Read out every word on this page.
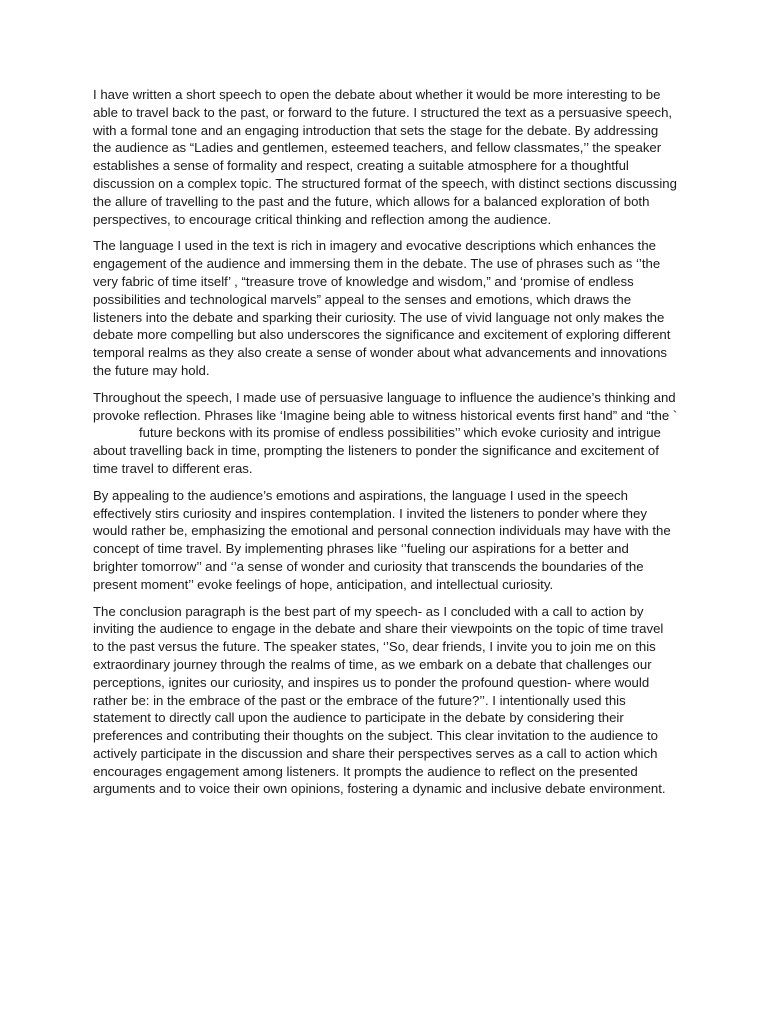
I have written a short speech to open the debate about whether it would be more interesting to be
able to travel back to the past, or forward to the future. I structured the text as a persuasive speech,
with a formal tone and an engaging introduction that sets the stage for the debate. By addressing
the audience as “Ladies and gentlemen, esteemed teachers, and fellow classmates,’’ the speaker
establishes a sense of formality and respect, creating a suitable atmosphere for a thoughtful
discussion on a complex topic. The structured format of the speech, with distinct sections discussing
the allure of travelling to the past and the future, which allows for a balanced exploration of both
perspectives, to encourage critical thinking and reflection among the audience.

The language I used in the text is rich in imagery and evocative descriptions which enhances the
engagement of the audience and immersing them in the debate. The use of phrases such as ‘’the
very fabric of time itself’ , “treasure trove of knowledge and wisdom,” and ‘promise of endless
possibilities and technological marvels” appeal to the senses and emotions, which draws the
listeners into the debate and sparking their curiosity. The use of vivid language not only makes the
debate more compelling but also underscores the significance and excitement of exploring different
temporal realms as they also create a sense of wonder about what advancements and innovations
the future may hold.

Throughout the speech, I made use of persuasive language to influence the audience’s thinking and
provoke reflection. Phrases like ‘Imagine being able to witness historical events first hand” and “the `
future beckons with its promise of endless possibilities’’ which evoke curiosity and intrigue
about travelling back in time, prompting the listeners to ponder the significance and excitement of
time travel to different eras.

By appealing to the audience’s emotions and aspirations, the language I used in the speech
effectively stirs curiosity and inspires contemplation. I invited the listeners to ponder where they
would rather be, emphasizing the emotional and personal connection individuals may have with the
concept of time travel. By implementing phrases like ‘’fueling our aspirations for a better and
brighter tomorrow’’ and ‘’a sense of wonder and curiosity that transcends the boundaries of the
present moment’’ evoke feelings of hope, anticipation, and intellectual curiosity.

The conclusion paragraph is the best part of my speech- as I concluded with a call to action by
inviting the audience to engage in the debate and share their viewpoints on the topic of time travel
to the past versus the future. The speaker states, ‘’So, dear friends, I invite you to join me on this
extraordinary journey through the realms of time, as we embark on a debate that challenges our
perceptions, ignites our curiosity, and inspires us to ponder the profound question- where would
rather be: in the embrace of the past or the embrace of the future?’’. I intentionally used this
statement to directly call upon the audience to participate in the debate by considering their
preferences and contributing their thoughts on the subject. This clear invitation to the audience to
actively participate in the discussion and share their perspectives serves as a call to action which
encourages engagement among listeners. It prompts the audience to reflect on the presented
arguments and to voice their own opinions, fostering a dynamic and inclusive debate environment.
